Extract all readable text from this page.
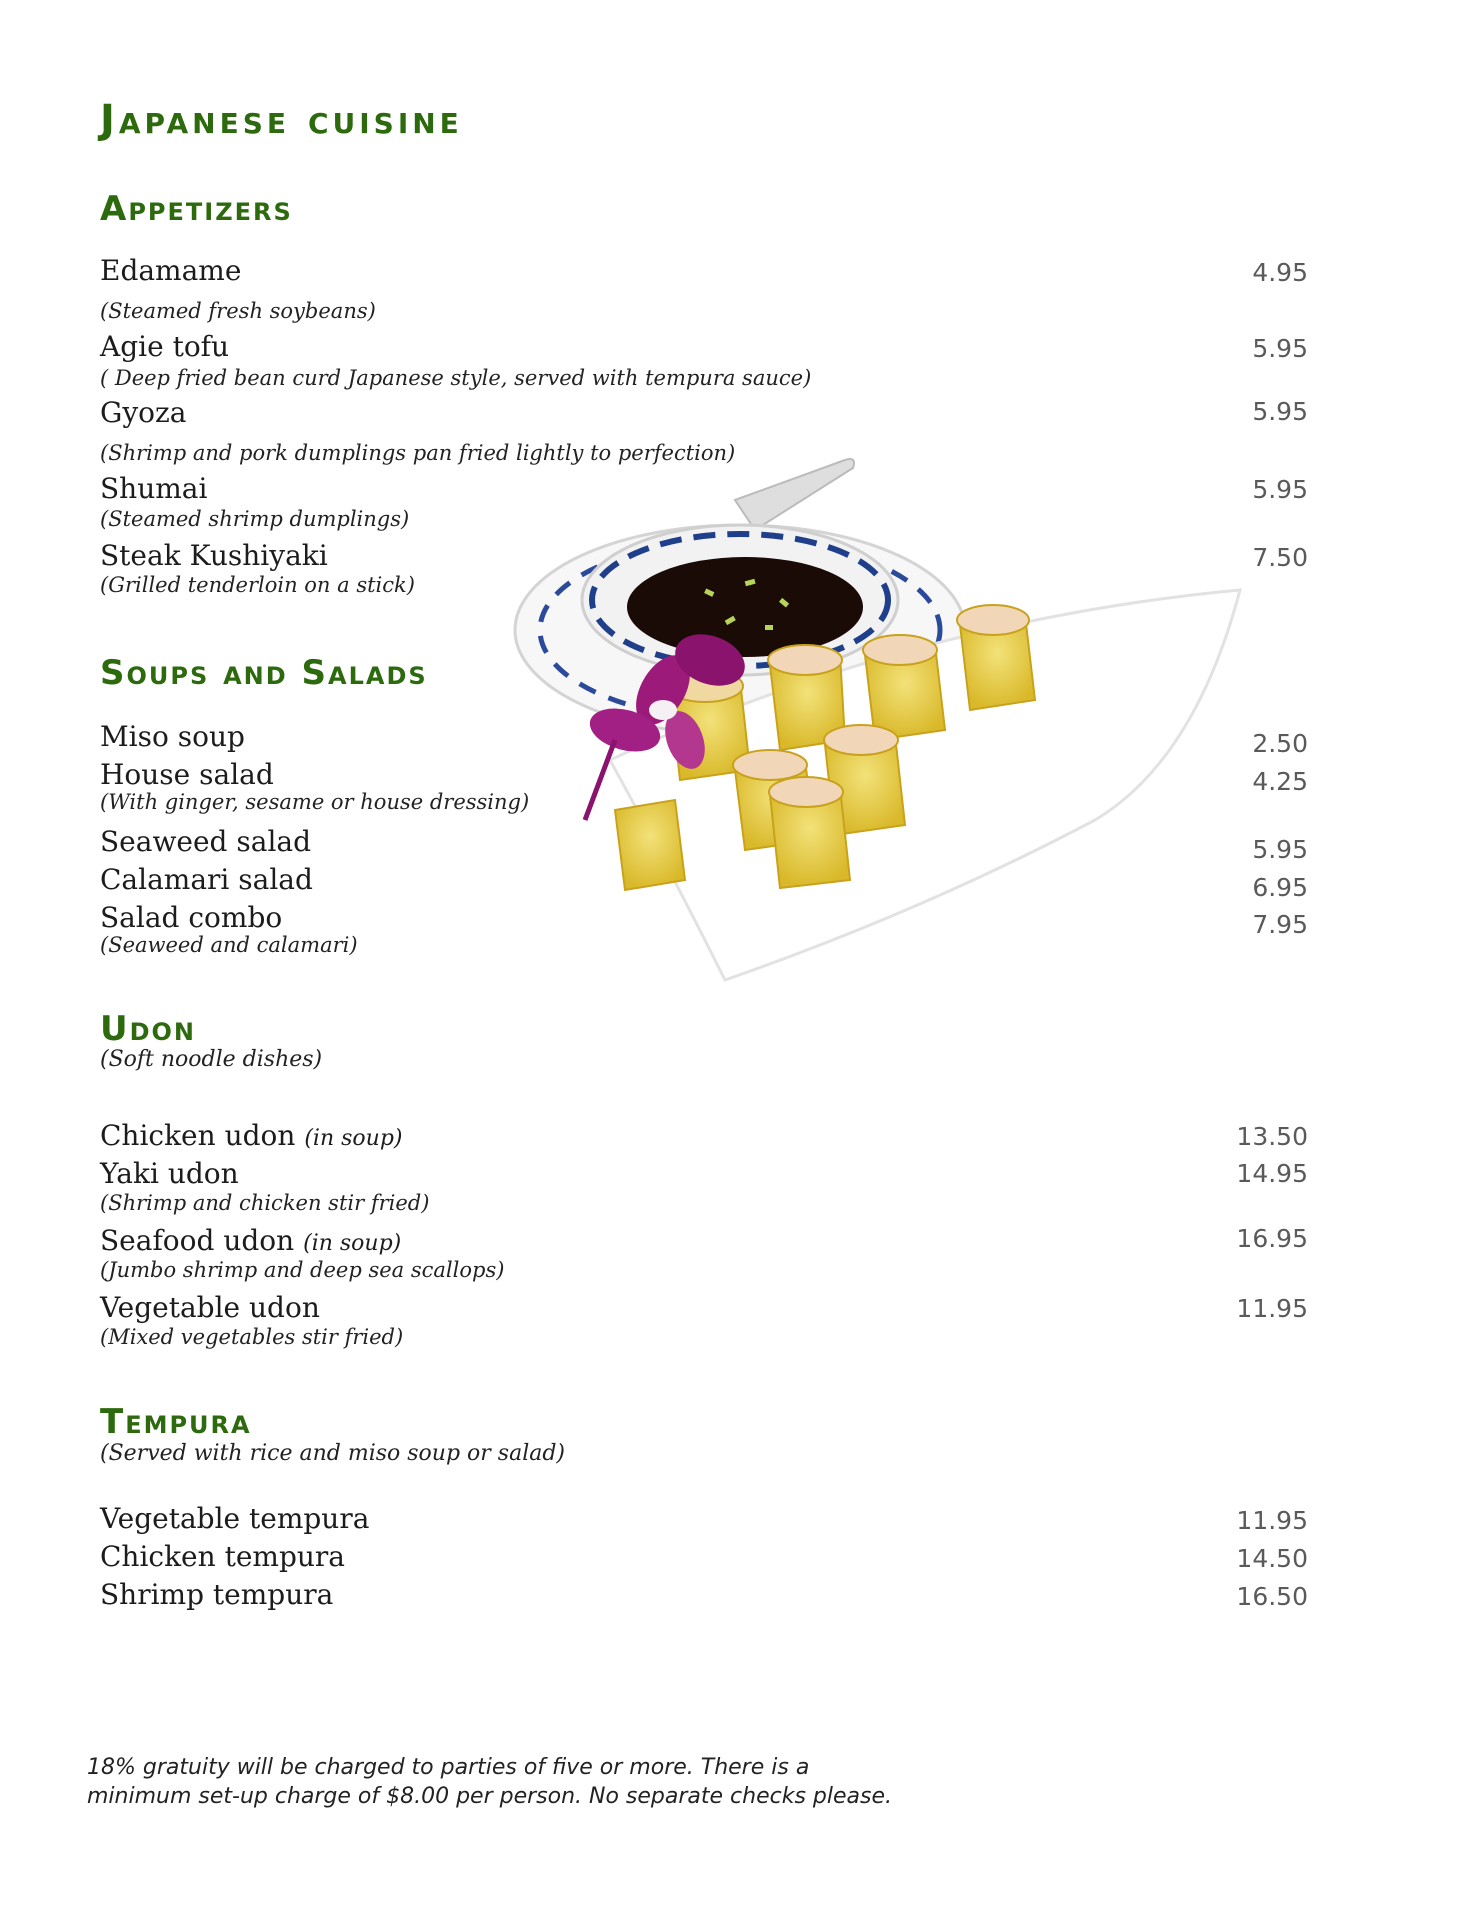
Japanese cuisine
Appetizers
Edamame	4.95
(Steamed fresh soybeans)
Agie tofu	5.95
( Deep fried bean curd Japanese style, served with tempura sauce)
Gyoza	5.95
(Shrimp and pork dumplings pan fried lightly to perfection)
Shumai	5.95
(Steamed shrimp dumplings)
Steak Kushiyaki	7.50
(Grilled tenderloin on a stick)
Soups and Salads
Miso soup	2.50
House salad	4.25
(With ginger, sesame or house dressing)
Seaweed salad	5.95
Calamari salad	6.95
Salad combo	7.95
(Seaweed and calamari)
Udon
(Soft noodle dishes)
Chicken udon (in soup)	13.50
Yaki udon	14.95
(Shrimp and chicken stir fried)
Seafood udon (in soup)	16.95
(Jumbo shrimp and deep sea scallops)
Vegetable udon	11.95
(Mixed vegetables stir fried)
Tempura
(Served with rice and miso soup or salad)
Vegetable tempura	11.95
Chicken tempura	14.50
Shrimp tempura	16.50
18% gratuity will be charged to parties of five or more. There is a
minimum set-up charge of $8.00 per person. No separate checks please.
